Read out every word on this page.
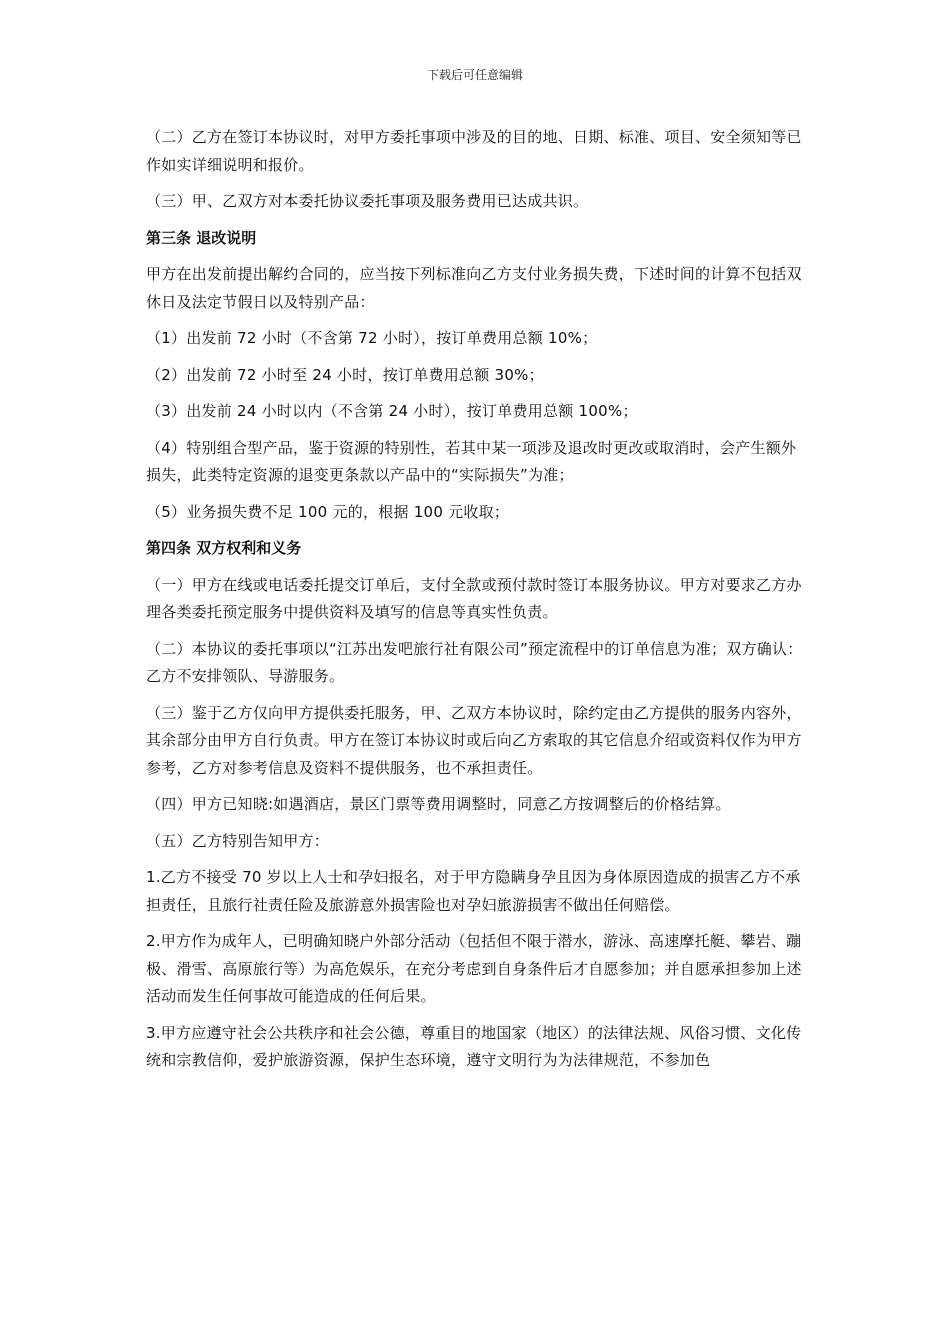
下载后可任意编辑

（二）乙方在签订本协议时，对甲方委托事项中涉及的目的地、日期、标准、项目、安全须知等已作如实详细说明和报价。

（三）甲、乙双方对本委托协议委托事项及服务费用已达成共识。

第三条 退改说明

甲方在出发前提出解约合同的，应当按下列标准向乙方支付业务损失费，下述时间的计算不包括双休日及法定节假日以及特别产品：

（1）出发前 72 小时（不含第 72 小时），按订单费用总额 10%；

（2）出发前 72 小时至 24 小时，按订单费用总额 30%；

（3）出发前 24 小时以内（不含第 24 小时），按订单费用总额 100%；

（4）特别组合型产品，鉴于资源的特别性，若其中某一项涉及退改时更改或取消时，会产生额外损失，此类特定资源的退变更条款以产品中的“实际损失”为准；

（5）业务损失费不足 100 元的，根据 100 元收取；

第四条 双方权利和义务

（一）甲方在线或电话委托提交订单后，支付全款或预付款时签订本服务协议。甲方对要求乙方办理各类委托预定服务中提供资料及填写的信息等真实性负责。

（二）本协议的委托事项以“江苏出发吧旅行社有限公司”预定流程中的订单信息为准；双方确认：乙方不安排领队、导游服务。

（三）鉴于乙方仅向甲方提供委托服务，甲、乙双方本协议时，除约定由乙方提供的服务内容外，其余部分由甲方自行负责。甲方在签订本协议时或后向乙方索取的其它信息介绍或资料仅作为甲方参考，乙方对参考信息及资料不提供服务，也不承担责任。

（四）甲方已知晓:如遇酒店，景区门票等费用调整时，同意乙方按调整后的价格结算。

（五）乙方特别告知甲方：

1.乙方不接受 70 岁以上人士和孕妇报名，对于甲方隐瞒身孕且因为身体原因造成的损害乙方不承担责任，且旅行社责任险及旅游意外损害险也对孕妇旅游损害不做出任何赔偿。

2.甲方作为成年人，已明确知晓户外部分活动（包括但不限于潜水，游泳、高速摩托艇、攀岩、蹦极、滑雪、高原旅行等）为高危娱乐，在充分考虑到自身条件后才自愿参加；并自愿承担参加上述活动而发生任何事故可能造成的任何后果。

3.甲方应遵守社会公共秩序和社会公德，尊重目的地国家（地区）的法律法规、风俗习惯、文化传统和宗教信仰，爱护旅游资源，保护生态环境，遵守文明行为为法律规范，不参加色
